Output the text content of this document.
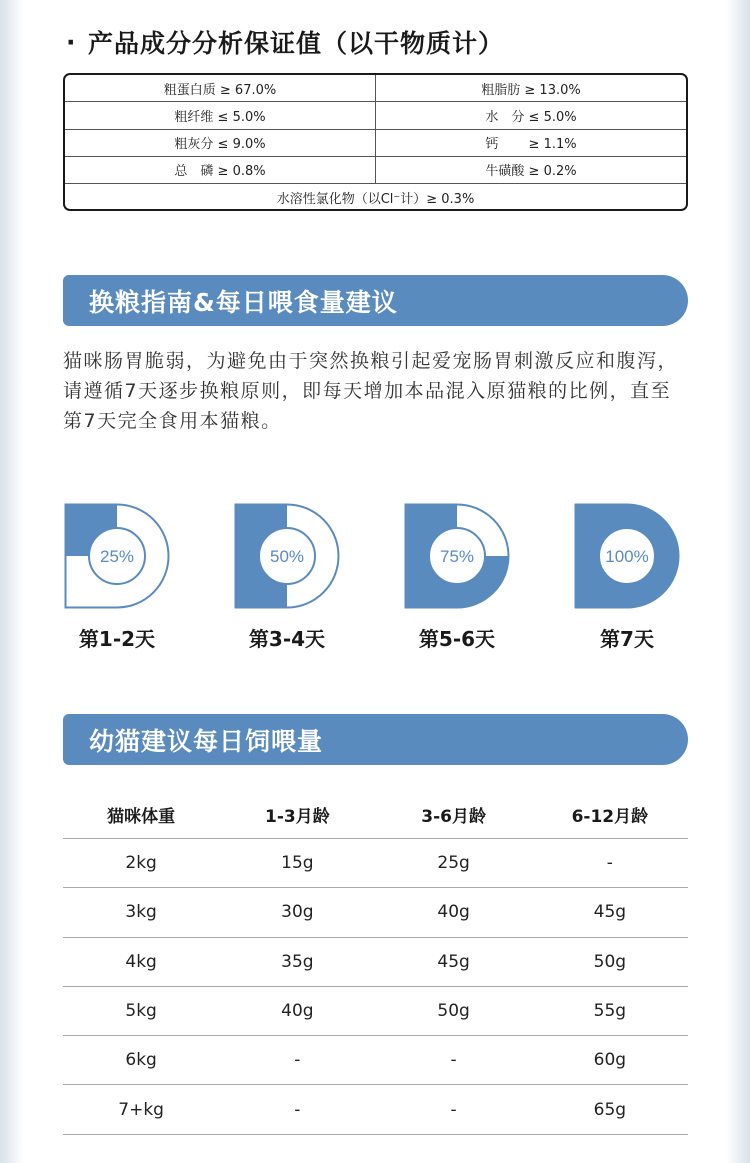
· 产品成分分析保证值（以干物质计）
粗蛋白质 ≥ 67.0%	粗脂肪 ≥ 13.0%
粗纤维 ≤ 5.0%	水　分 ≤ 5.0%
粗灰分 ≤ 9.0%	钙　　 ≥ 1.1%
总　磷 ≥ 0.8%	牛磺酸 ≥ 0.2%
水溶性氯化物（以Cl⁻计）≥ 0.3%
换粮指南&每日喂食量建议
猫咪肠胃脆弱，为避免由于突然换粮引起爱宠肠胃刺激反应和腹泻，请遵循7天逐步换粮原则，即每天增加本品混入原猫粮的比例，直至第7天完全食用本猫粮。
25%
第1-2天
50%
第3-4天
75%
第5-6天
100%
第7天
幼猫建议每日饲喂量
猫咪体重	1-3月龄	3-6月龄	6-12月龄
2kg	15g	25g	-
3kg	30g	40g	45g
4kg	35g	45g	50g
5kg	40g	50g	55g
6kg	-	-	60g
7+kg	-	-	65g
